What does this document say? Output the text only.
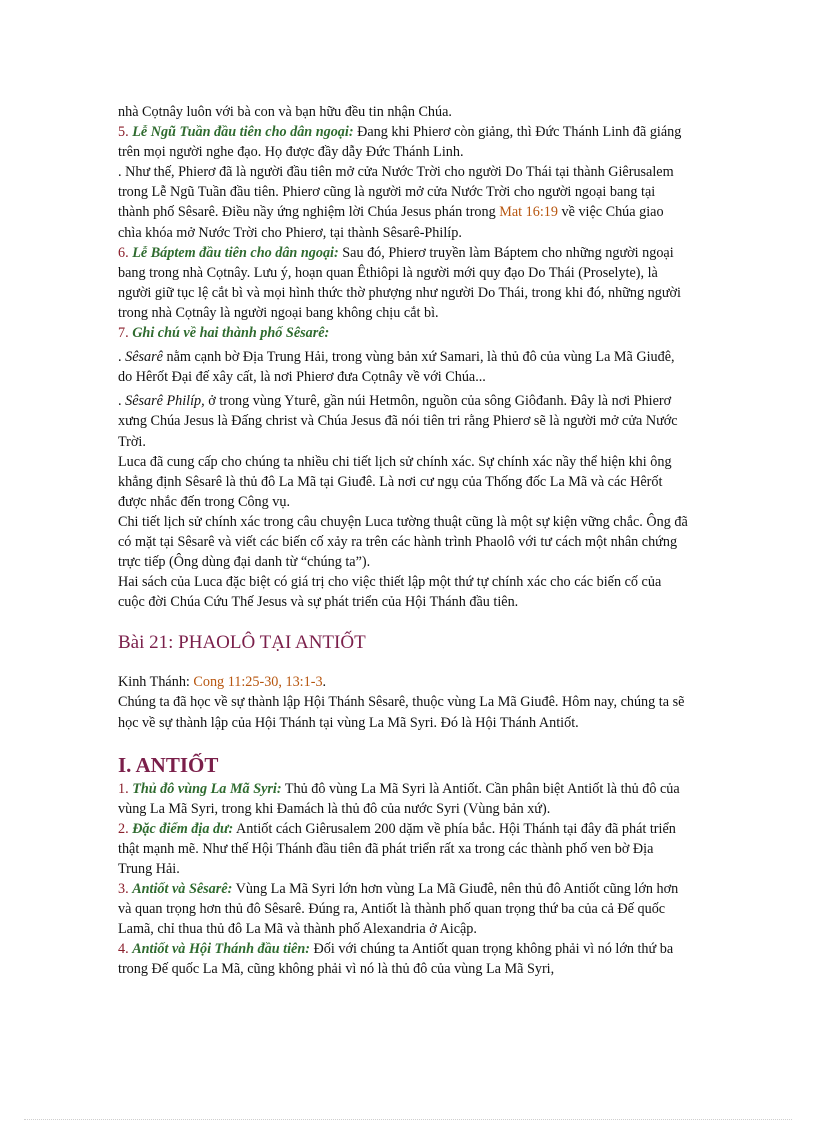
nhà Cọtnây luôn với bà con và bạn hữu đều tin nhận Chúa.

5. Lễ Ngũ Tuần đầu tiên cho dân ngoại: Đang khi Phierơ còn giảng, thì Đức Thánh Linh đã giáng trên mọi người nghe đạo. Họ được đầy dẫy Đức Thánh Linh.

. Như thế, Phierơ đã là người đầu tiên mở cửa Nước Trời cho người Do Thái tại thành Giêrusalem trong Lễ Ngũ Tuần đầu tiên. Phierơ cũng là người mở cửa Nước Trời cho người ngoại bang tại thành phố Sêsarê. Điều nầy ứng nghiệm lời Chúa Jesus phán trong Mat 16:19 về việc Chúa giao chìa khóa mở Nước Trời cho Phierơ, tại thành Sêsarê-Philíp.

6. Lễ Báptem đầu tiên cho dân ngoại: Sau đó, Phierơ truyền làm Báptem cho những người ngoại bang trong nhà Cọtnây. Lưu ý, hoạn quan Êthiôpi là người mới quy đạo Do Thái (Proselyte), là người giữ tục lệ cắt bì và mọi hình thức thờ phượng như người Do Thái, trong khi đó, những người trong nhà Cọtnây là người ngoại bang không chịu cắt bì.

7. Ghi chú về hai thành phố Sêsarê:

. Sêsarê nằm cạnh bờ Địa Trung Hải, trong vùng bản xứ Samari, là thủ đô của vùng La Mã Giuđê, do Hêrốt Đại đế xây cất, là nơi Phierơ đưa Cọtnây về với Chúa...

. Sêsarê Philíp, ở trong vùng Yturê, gần núi Hetmôn, nguồn của sông Giôđanh. Đây là nơi Phierơ xưng Chúa Jesus là Đấng christ và Chúa Jesus đã nói tiên tri rằng Phierơ sẽ là người mở cửa Nước Trời.

Luca đã cung cấp cho chúng ta nhiều chi tiết lịch sử chính xác. Sự chính xác nầy thể hiện khi ông khẳng định Sêsarê là thủ đô La Mã tại Giuđê. Là nơi cư ngụ của Thống đốc La Mã và các Hêrốt được nhắc đến trong Công vụ.

Chi tiết lịch sử chính xác trong câu chuyện Luca tường thuật cũng là một sự kiện vững chắc. Ông đã có mặt tại Sêsarê và viết các biến cố xảy ra trên các hành trình Phaolô với tư cách một nhân chứng trực tiếp (Ông dùng đại danh từ “chúng ta”).

Hai sách của Luca đặc biệt có giá trị cho việc thiết lập một thứ tự chính xác cho các biến cố của cuộc đời Chúa Cứu Thế Jesus và sự phát triển của Hội Thánh đầu tiên.

Bài 21: PHAOLÔ TẠI ANTIỐT

Kinh Thánh: Cong 11:25-30, 13:1-3.

Chúng ta đã học về sự thành lập Hội Thánh Sêsarê, thuộc vùng La Mã Giuđê. Hôm nay, chúng ta sẽ học về sự thành lập của Hội Thánh tại vùng La Mã Syri. Đó là Hội Thánh Antiốt.

I. ANTIỐT

1. Thủ đô vùng La Mã Syri: Thủ đô vùng La Mã Syri là Antiốt. Cần phân biệt Antiốt là thủ đô của vùng La Mã Syri, trong khi Đamách là thủ đô của nước Syri (Vùng bản xứ).

2. Đặc điểm địa dư: Antiốt cách Giêrusalem 200 dặm về phía bắc. Hội Thánh tại đây đã phát triển thật mạnh mẽ. Như thế Hội Thánh đầu tiên đã phát triển rất xa trong các thành phố ven bờ Địa Trung Hải.

3. Antiốt và Sêsarê: Vùng La Mã Syri lớn hơn vùng La Mã Giuđê, nên thủ đô Antiốt cũng lớn hơn và quan trọng hơn thủ đô Sêsarê. Đúng ra, Antiốt là thành phố quan trọng thứ ba của cả Đế quốc Lamã, chỉ thua thủ đô La Mã và thành phố Alexandria ở Aicập.

4. Antiốt và Hội Thánh đầu tiên: Đối với chúng ta Antiốt quan trọng không phải vì nó lớn thứ ba trong Đế quốc La Mã, cũng không phải vì nó là thủ đô của vùng La Mã Syri,
